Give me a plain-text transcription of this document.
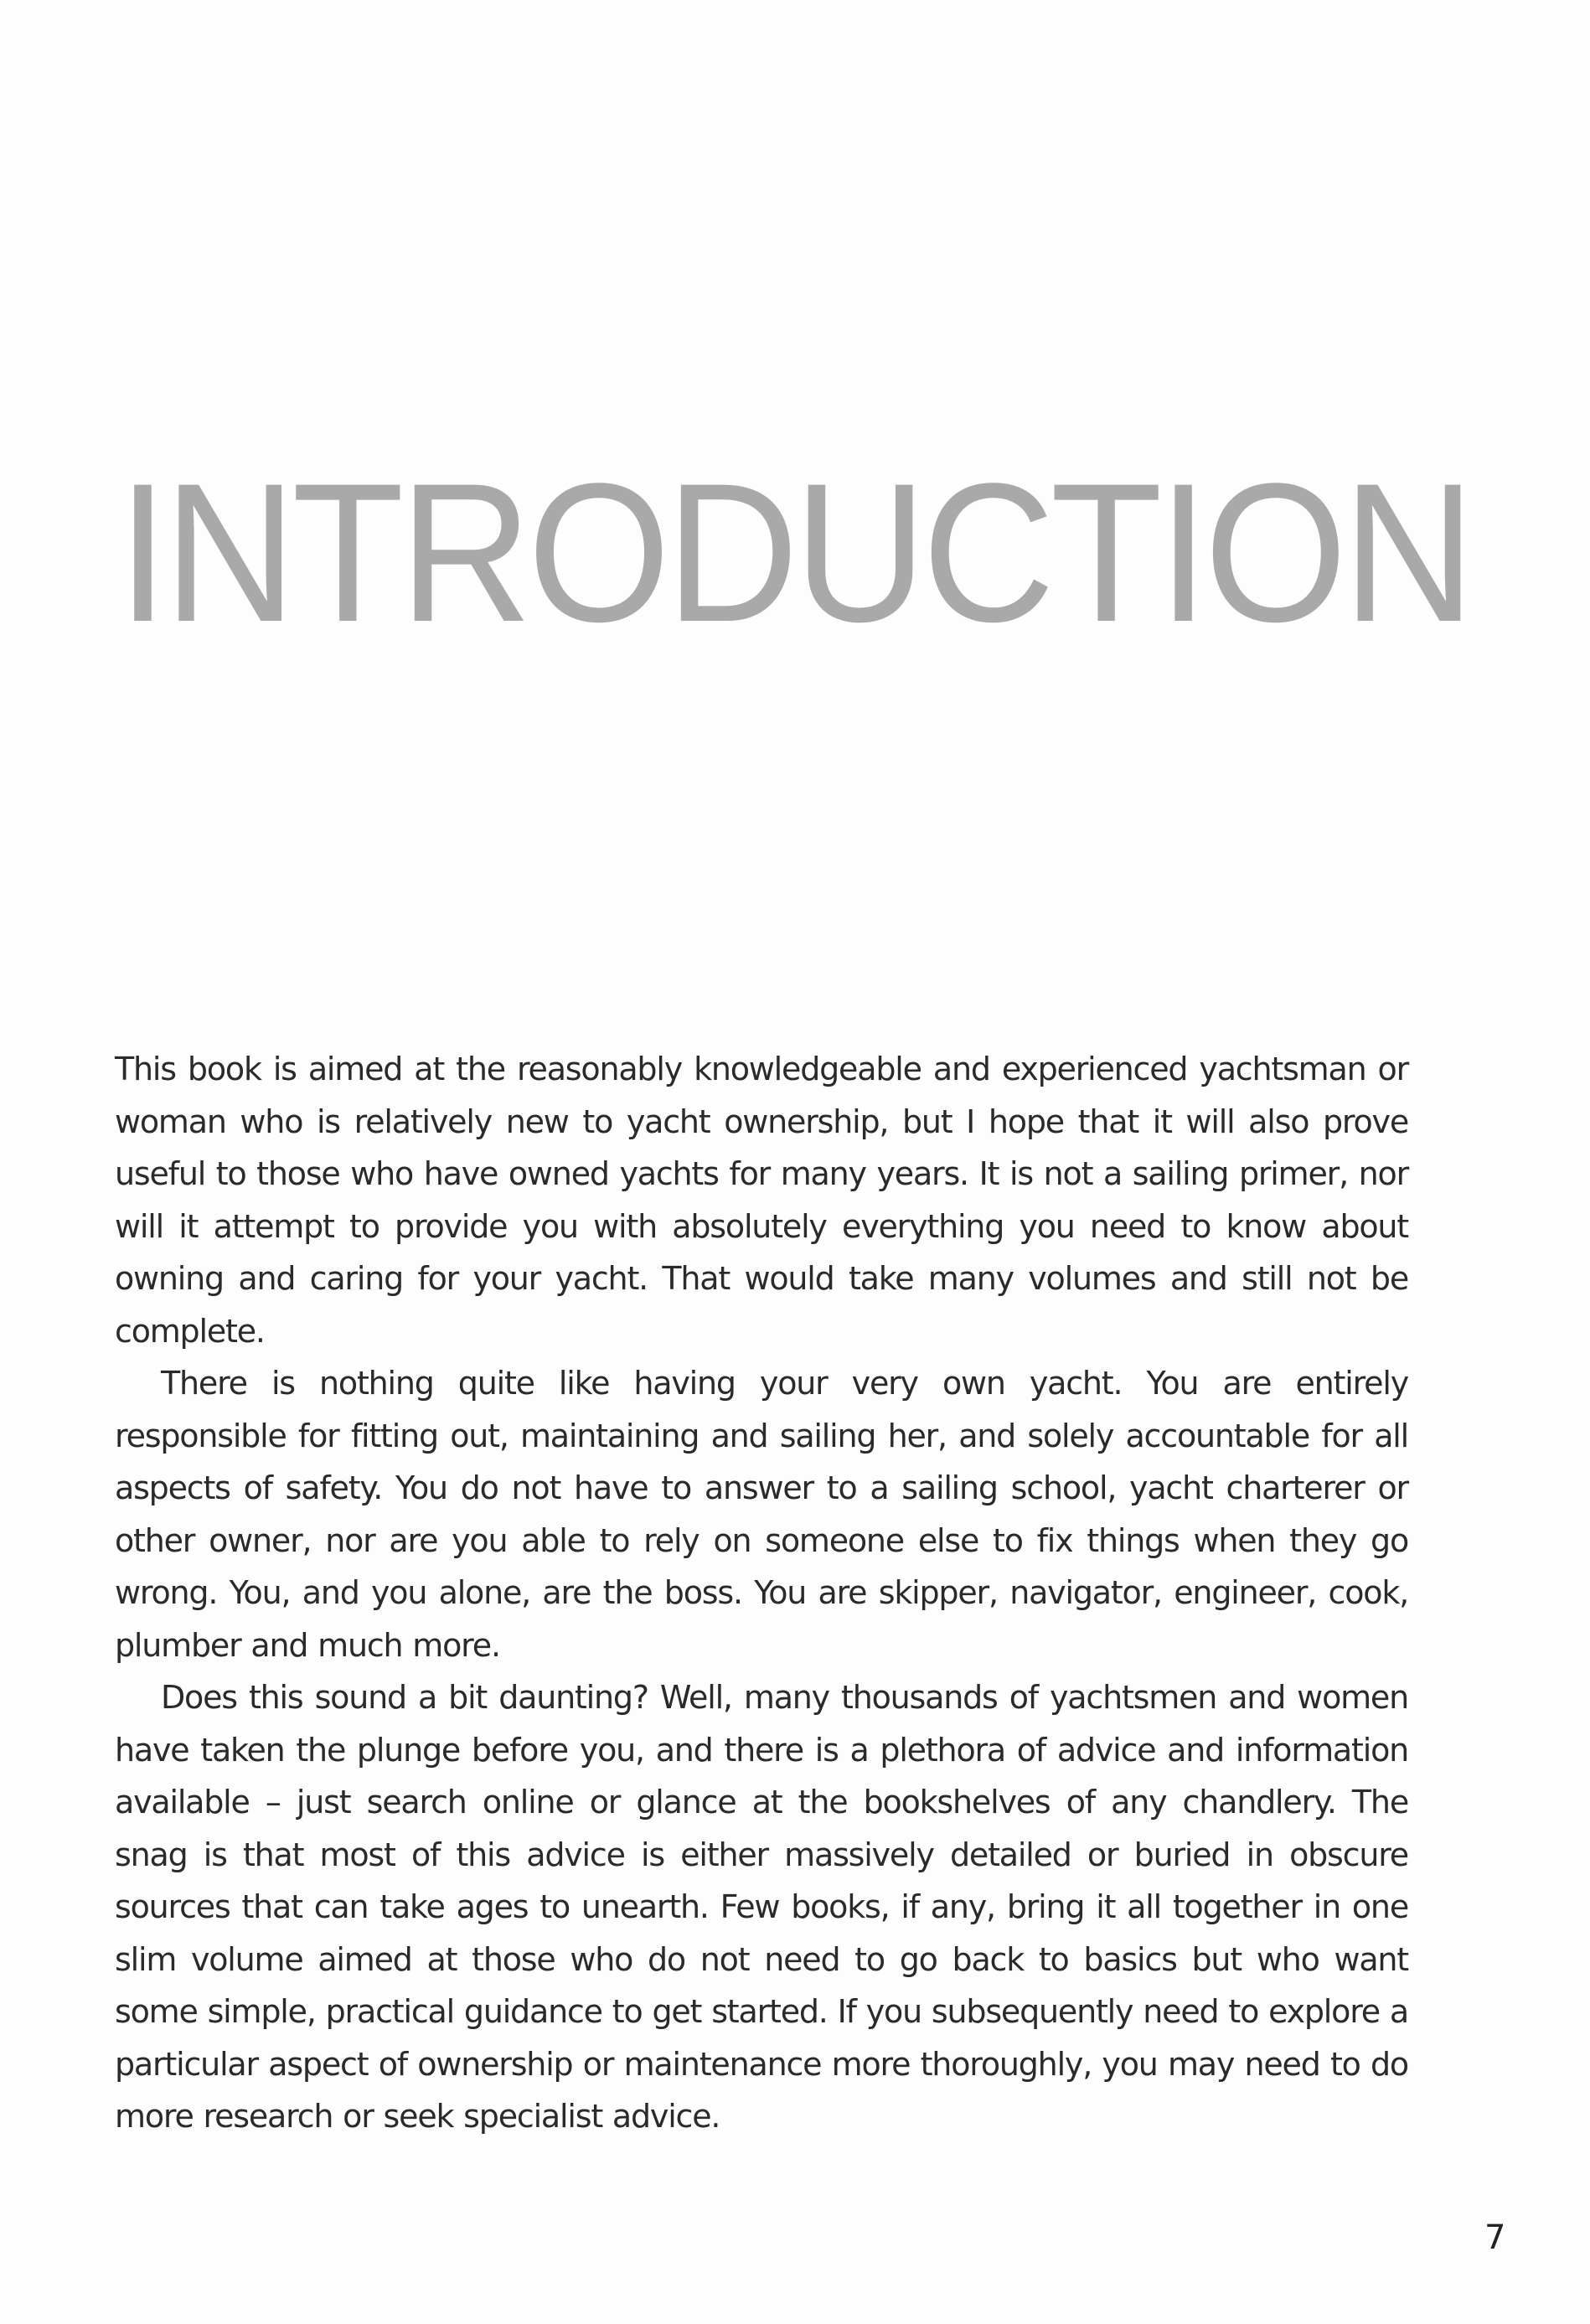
INTRODUCTION

This book is aimed at the reasonably knowledgeable and experienced yachtsman or woman who is relatively new to yacht ownership, but I hope that it will also prove useful to those who have owned yachts for many years. It is not a sailing primer, nor will it attempt to provide you with absolutely everything you need to know about owning and caring for your yacht. That would take many volumes and still not be complete.

There is nothing quite like having your very own yacht. You are entirely responsible for fitting out, maintaining and sailing her, and solely accountable for all aspects of safety. You do not have to answer to a sailing school, yacht charterer or other owner, nor are you able to rely on someone else to fix things when they go wrong. You, and you alone, are the boss. You are skipper, navigator, engineer, cook, plumber and much more.

Does this sound a bit daunting? Well, many thousands of yachtsmen and women have taken the plunge before you, and there is a plethora of advice and information available – just search online or glance at the bookshelves of any chandlery. The snag is that most of this advice is either massively detailed or buried in obscure sources that can take ages to unearth. Few books, if any, bring it all together in one slim volume aimed at those who do not need to go back to basics but who want some simple, practical guidance to get started. If you subsequently need to explore a particular aspect of ownership or maintenance more thoroughly, you may need to do more research or seek specialist advice.

7
